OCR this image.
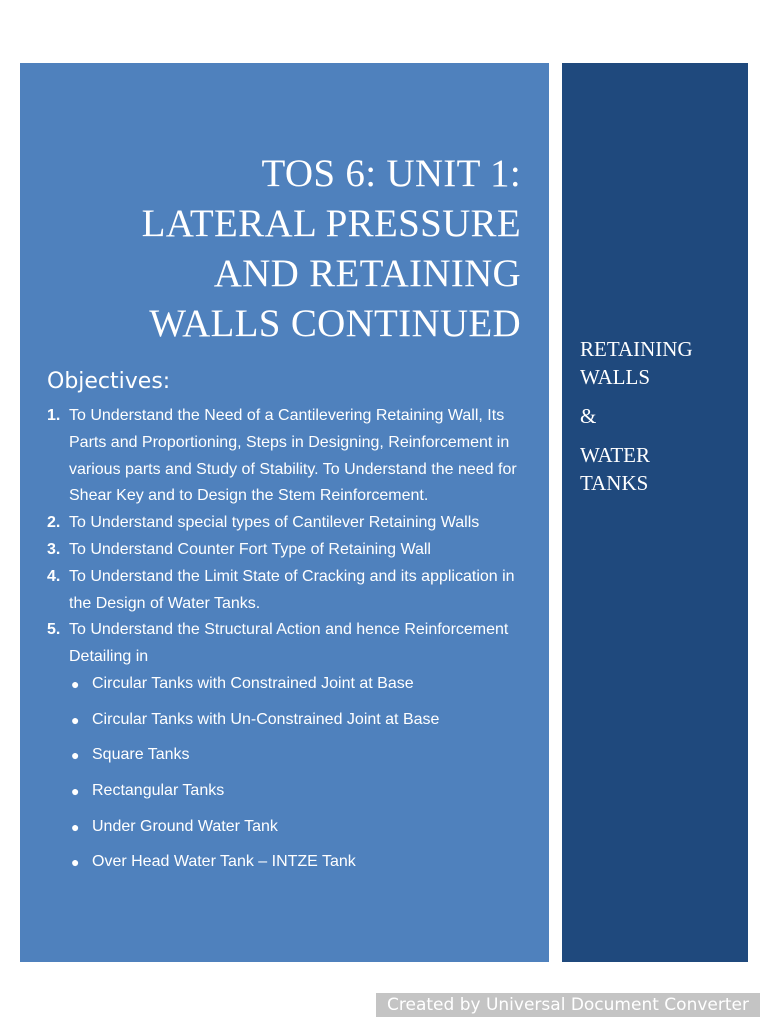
TOS 6: UNIT 1:
LATERAL PRESSURE
AND RETAINING
WALLS CONTINUED
Objectives:
1. To Understand the Need of a Cantilevering Retaining Wall, Its Parts and Proportioning, Steps in Designing, Reinforcement in various parts and Study of Stability. To Understand the need for Shear Key and to Design the Stem Reinforcement.
2. To Understand special types of Cantilever Retaining Walls
3. To Understand Counter Fort Type of Retaining Wall
4. To Understand the Limit State of Cracking and its application in the Design of Water Tanks.
5. To Understand the Structural Action and hence Reinforcement Detailing in
● Circular Tanks with Constrained Joint at Base
● Circular Tanks with Un-Constrained Joint at Base
● Square Tanks
● Rectangular Tanks
● Under Ground Water Tank
● Over Head Water Tank – INTZE Tank

RETAINING
WALLS
&
WATER
TANKS

Created by Universal Document Converter
